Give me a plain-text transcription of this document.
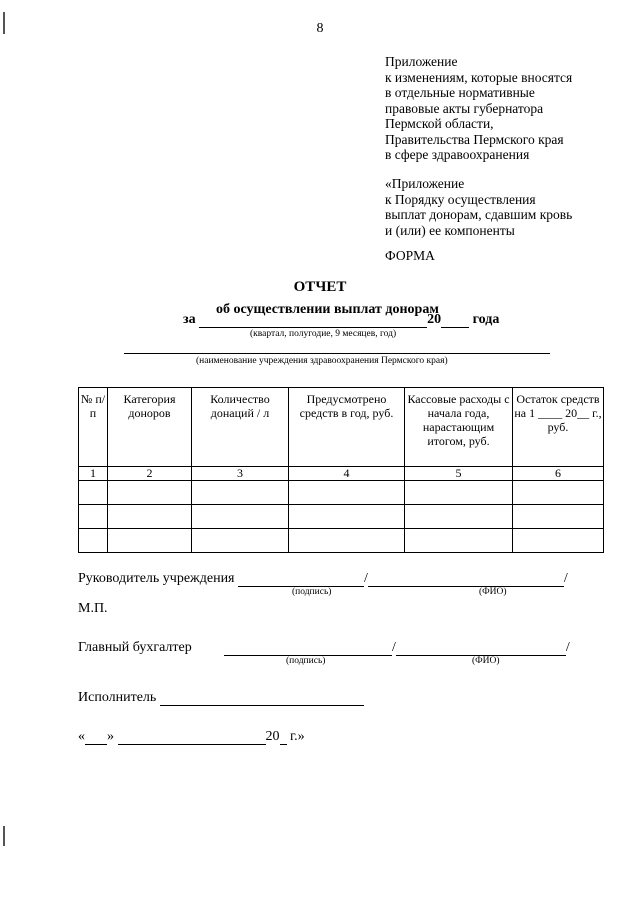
8
Приложение
к изменениям, которые вносятся
в отдельные нормативные
правовые акты губернатора
Пермской области,
Правительства Пермского края
в сфере здравоохранения
«Приложение
к Порядку осуществления
выплат донорам, сдавшим кровь
и (или) ее компоненты
ФОРМА
ОТЧЕТ
об осуществлении выплат донорам
за	20 года
(квартал, полугодие, 9 месяцев, год)
(наименование учреждения здравоохранения Пермского края)
№ п/п	Категория доноров	Количество донаций / л	Предусмотрено средств в год, руб.	Кассовые расходы с начала года, нарастающим итогом, руб.	Остаток средств на 1 ____ 20__ г., руб.
1	2	3	4	5	6

Руководитель учреждения	/	/
(подпись)	(ФИО)
М.П.
Главный бухгалтер	/	/
(подпись)	(ФИО)
Исполнитель
« »	20 г.»
